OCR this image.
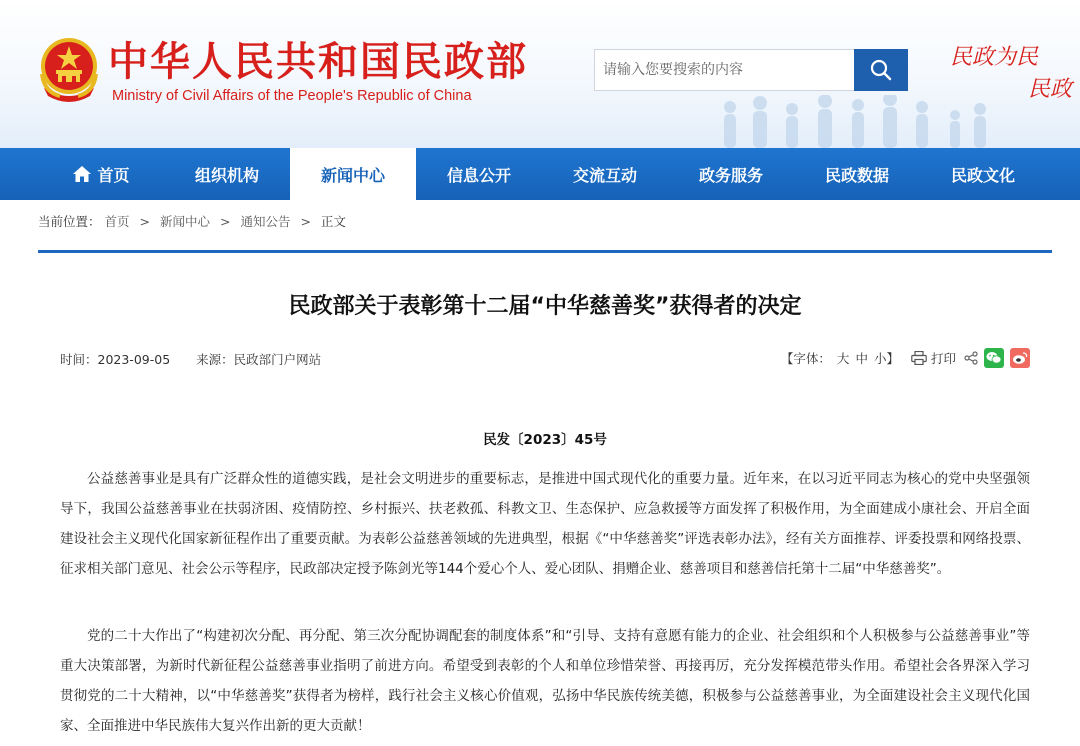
中华人民共和国民政部
Ministry of Civil Affairs of the People's Republic of China
请输入您要搜索的内容
民政为民
民政
首页	组织机构	新闻中心	信息公开	交流互动	政务服务	民政数据	民政文化
当前位置： 首页 > 新闻中心 > 通知公告 > 正文
民政部关于表彰第十二届“中华慈善奖”获得者的决定
时间：2023-09-05 来源：民政部门户网站	【字体： 大 中 小 】	打印
民发〔2023〕45号

公益慈善事业是具有广泛群众性的道德实践，是社会文明进步的重要标志，是推进中国式现代化的重要力量。近年来，在以习近平同志为核心的党中央坚强领导下，我国公益慈善事业在扶弱济困、疫情防控、乡村振兴、扶老救孤、科教文卫、生态保护、应急救援等方面发挥了积极作用，为全面建成小康社会、开启全面建设社会主义现代化国家新征程作出了重要贡献。为表彰公益慈善领域的先进典型，根据《“中华慈善奖”评选表彰办法》，经有关方面推荐、评委投票和网络投票、征求相关部门意见、社会公示等程序，民政部决定授予陈剑光等144个爱心个人、爱心团队、捐赠企业、慈善项目和慈善信托第十二届“中华慈善奖”。

党的二十大作出了“构建初次分配、再分配、第三次分配协调配套的制度体系”和“引导、支持有意愿有能力的企业、社会组织和个人积极参与公益慈善事业”等重大决策部署，为新时代新征程公益慈善事业指明了前进方向。希望受到表彰的个人和单位珍惜荣誉、再接再厉，充分发挥模范带头作用。希望社会各界深入学习贯彻党的二十大精神，以“中华慈善奖”获得者为榜样，践行社会主义核心价值观，弘扬中华民族传统美德，积极参与公益慈善事业，为全面建设社会主义现代化国家、全面推进中华民族伟大复兴作出新的更大贡献！
